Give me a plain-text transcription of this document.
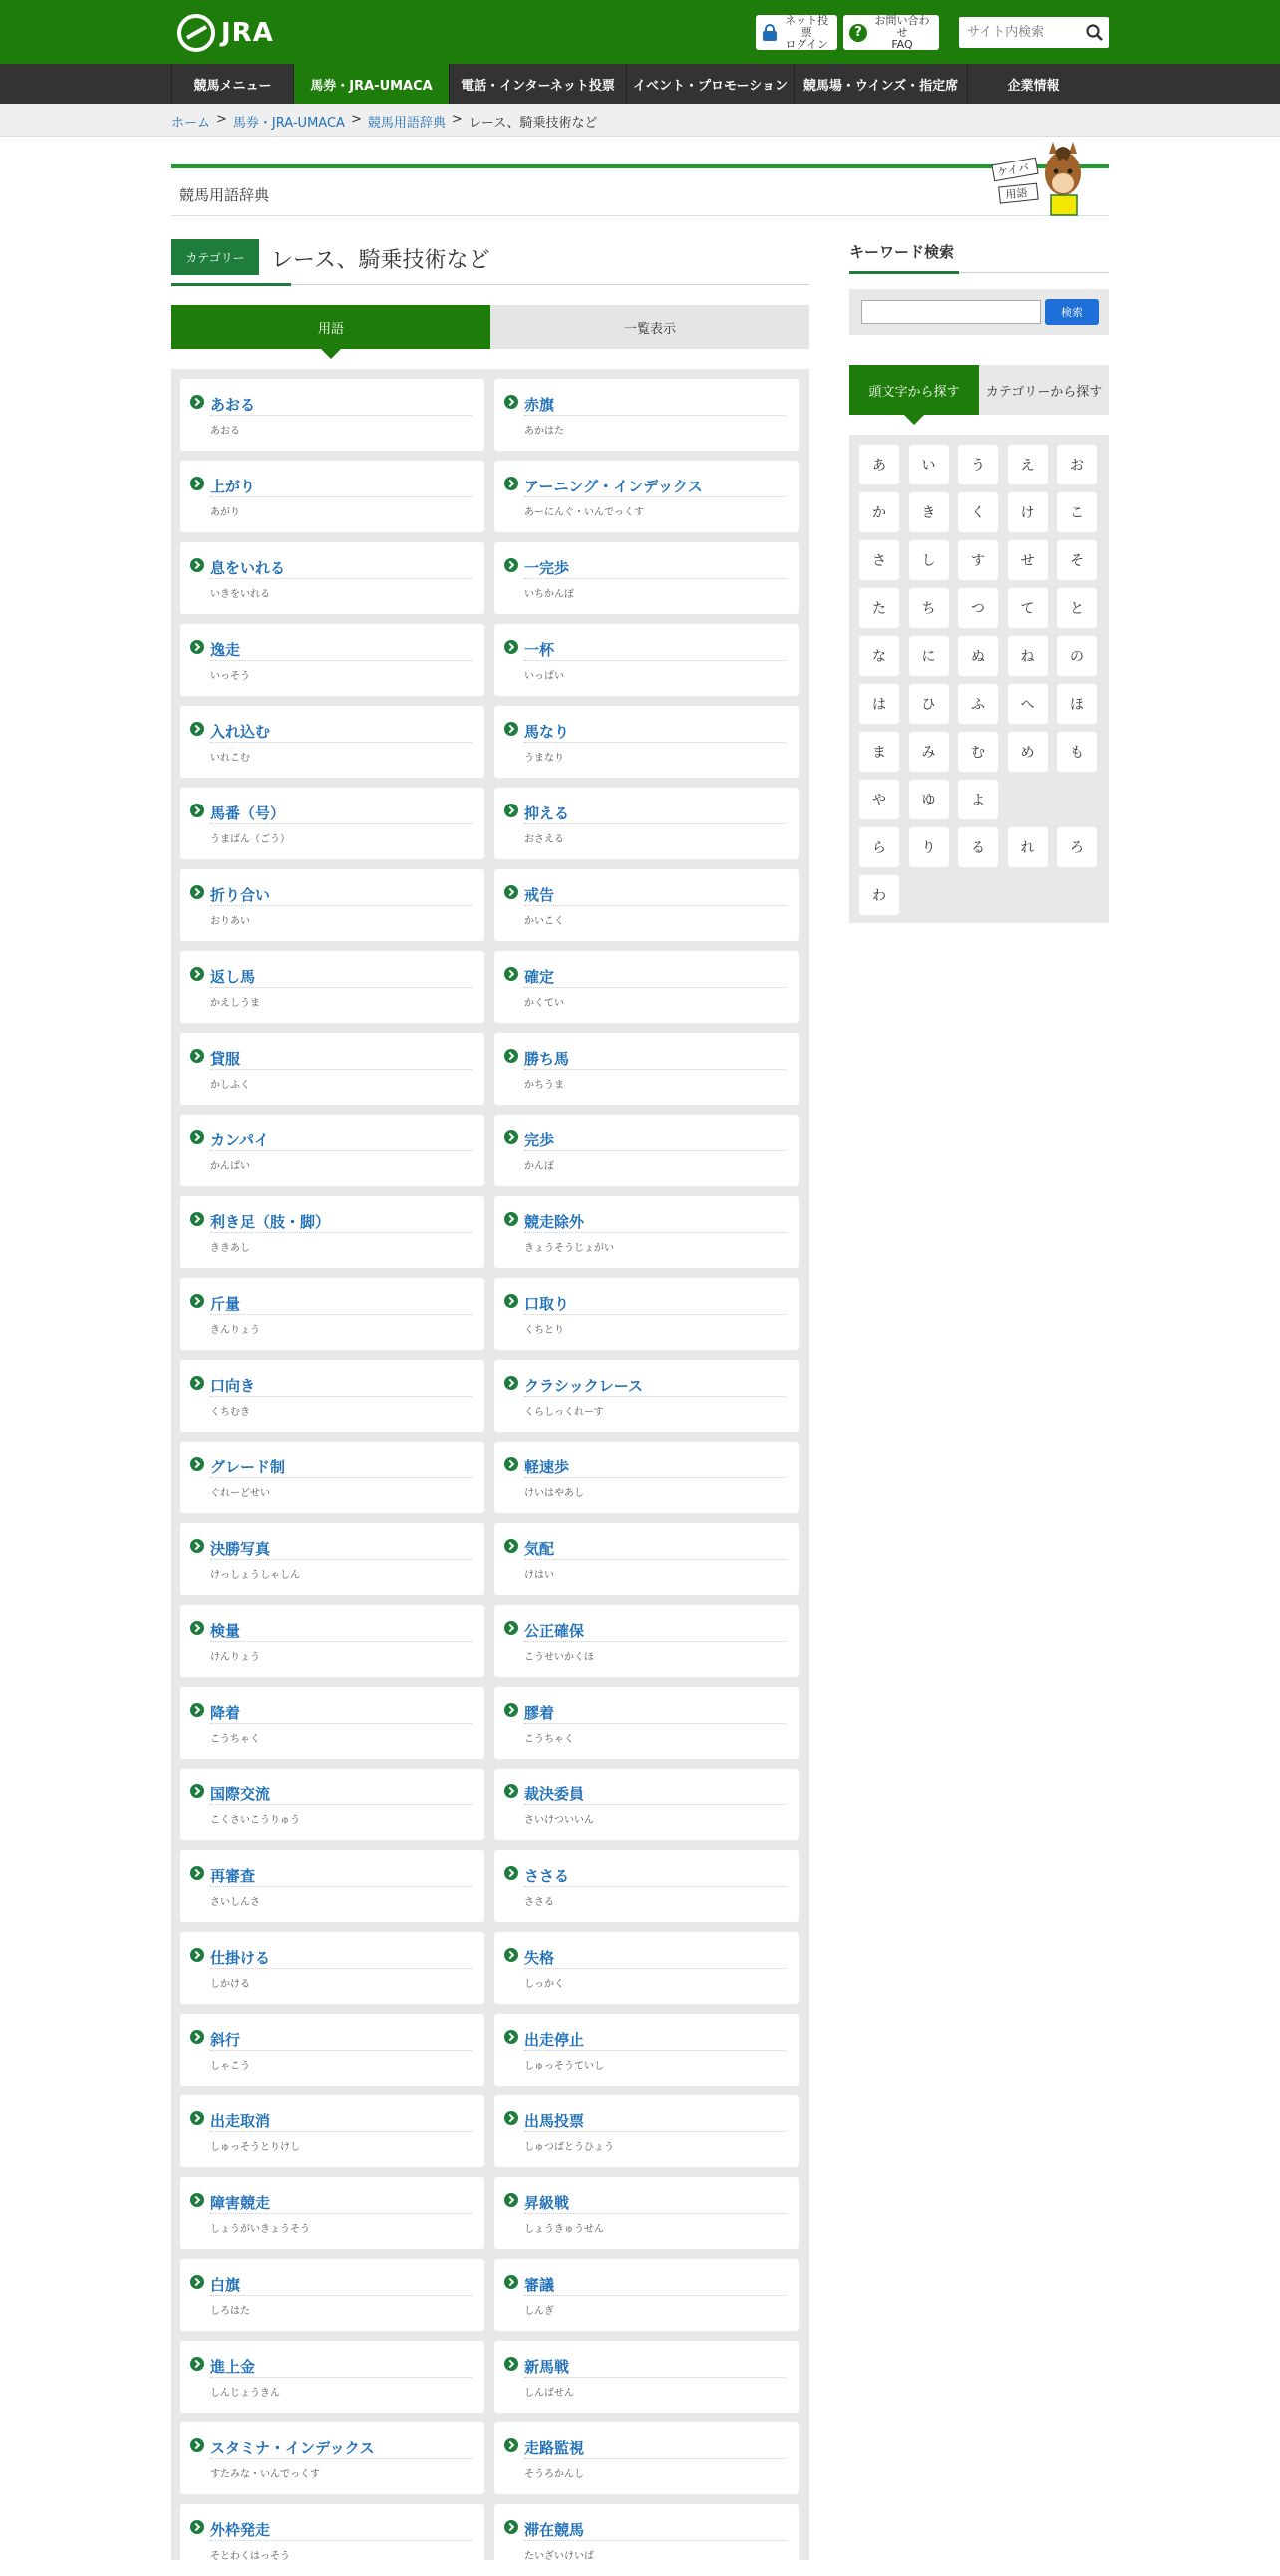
JRA	ネット投票
ログイン
?
お問い合わせ
FAQ
サイト内検索
競馬メニュー	馬券・JRA-UMACA	電話・インターネット投票	イベント・プロモーション	競馬場・ウインズ・指定席	企業情報
ホーム > 馬券・JRA-UMACA > 競馬用語辞典 > レース、騎乗技術など
競馬用語辞典
ケイバ
用語
カテゴリー	レース、騎乗技術など
用語	一覧表示
あおる
あおる
赤旗
あかはた
上がり
あがり
アーニング・インデックス
あーにんぐ・いんでっくす
息をいれる
いきをいれる
一完歩
いちかんぽ
逸走
いっそう
一杯
いっぱい
入れ込む
いれこむ
馬なり
うまなり
馬番（号）
うまばん（ごう）
抑える
おさえる
折り合い
おりあい
戒告
かいこく
返し馬
かえしうま
確定
かくてい
貸服
かしふく
勝ち馬
かちうま
カンパイ
かんぱい
完歩
かんぽ
利き足（肢・脚）
ききあし
競走除外
きょうそうじょがい
斤量
きんりょう
口取り
くちとり
口向き
くちむき
クラシックレース
くらしっくれーす
グレード制
ぐれーどせい
軽速歩
けいはやあし
決勝写真
けっしょうしゃしん
気配
けはい
検量
けんりょう
公正確保
こうせいかくほ
降着
こうちゃく
膠着
こうちゃく
国際交流
こくさいこうりゅう
裁決委員
さいけついいん
再審査
さいしんさ
ささる
ささる
仕掛ける
しかける
失格
しっかく
斜行
しゃこう
出走停止
しゅっそうていし
出走取消
しゅっそうとりけし
出馬投票
しゅつばとうひょう
障害競走
しょうがいきょうそう
昇級戦
しょうきゅうせん
白旗
しろはた
審議
しんぎ
進上金
しんじょうきん
新馬戦
しんばせん
スタミナ・インデックス
すたみな・いんでっくす
走路監視
そうろかんし
外枠発走
そとわくはっそう
滞在競馬
たいざいけいば
キーワード検索
検索
頭文字から探す	カテゴリーから探す
あ	い	う	え	お
か	き	く	け	こ
さ	し	す	せ	そ
た	ち	つ	て	と
な	に	ぬ	ね	の
は	ひ	ふ	へ	ほ
ま	み	む	め	も
や	ゆ	よ
ら	り	る	れ	ろ
わ
